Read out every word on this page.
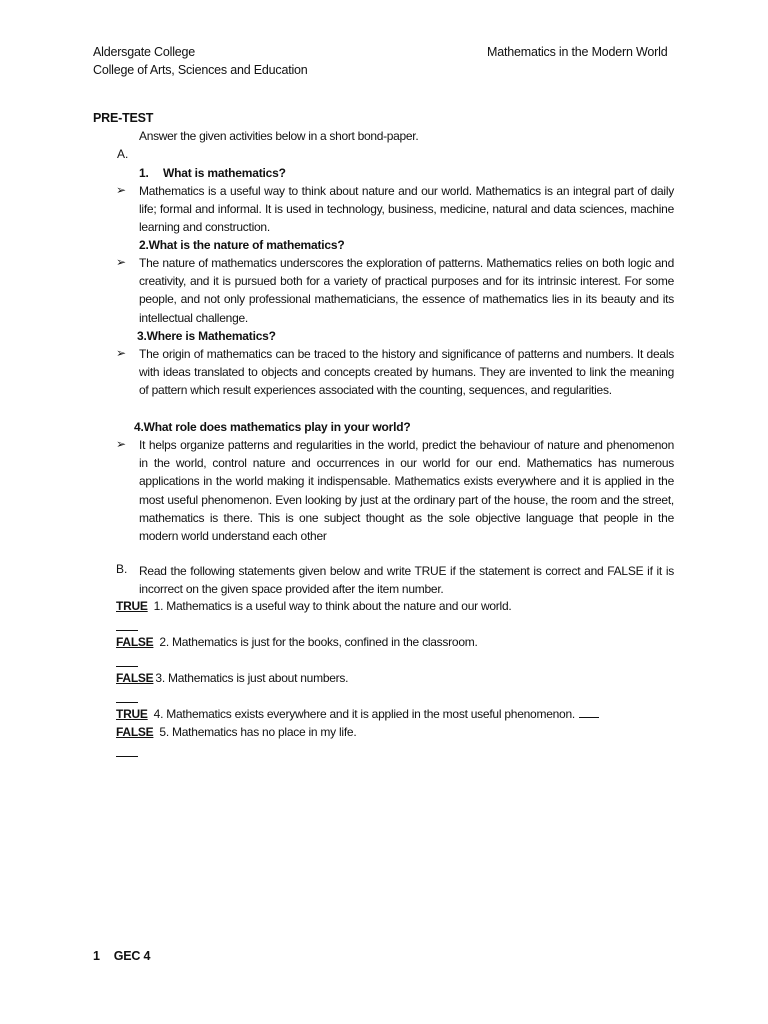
Aldersgate College
College of Arts, Sciences and Education
Mathematics in the Modern World
PRE-TEST
Answer the given activities below in a short bond-paper.
A.
1. What is mathematics?
➢ Mathematics is a useful way to think about nature and our world. Mathematics is an integral part of daily life; formal and informal. It is used in technology, business, medicine, natural and data sciences, machine learning and construction.
2.What is the nature of mathematics?
➢ The nature of mathematics underscores the exploration of patterns. Mathematics relies on both logic and creativity, and it is pursued both for a variety of practical purposes and for its intrinsic interest. For some people, and not only professional mathematicians, the essence of mathematics lies in its beauty and its intellectual challenge.
3.Where is Mathematics?
➢ The origin of mathematics can be traced to the history and significance of patterns and numbers. It deals with ideas translated to objects and concepts created by humans. They are invented to link the meaning of pattern which result experiences associated with the counting, sequences, and regularities.
4.What role does mathematics play in your world?
➢ It helps organize patterns and regularities in the world, predict the behaviour of nature and phenomenon in the world, control nature and occurrences in our world for our end. Mathematics has numerous applications in the world making it indispensable. Mathematics exists everywhere and it is applied in the most useful phenomenon. Even looking by just at the ordinary part of the house, the room and the street, mathematics is there. This is one subject thought as the sole objective language that people in the modern world understand each other
B. Read the following statements given below and write TRUE if the statement is correct and FALSE if it is incorrect on the given space provided after the item number.
TRUE 1. Mathematics is a useful way to think about the nature and our world.
FALSE 2. Mathematics is just for the books, confined in the classroom.
FALSE 3. Mathematics is just about numbers.
TRUE 4. Mathematics exists everywhere and it is applied in the most useful phenomenon.
FALSE 5. Mathematics has no place in my life.
1 GEC 4
